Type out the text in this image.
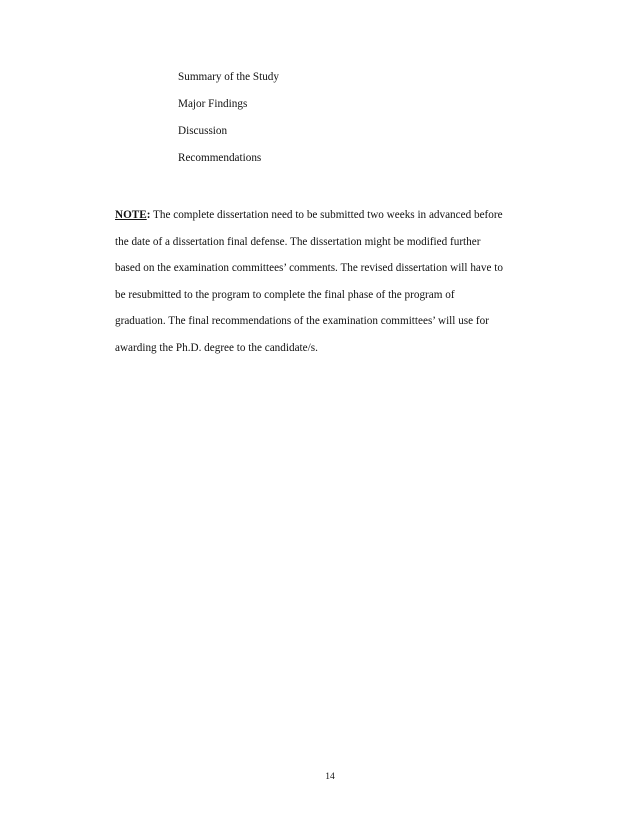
Summary of the Study
Major Findings
Discussion
Recommendations

NOTE: The complete dissertation need to be submitted two weeks in advanced before
the date of a dissertation final defense. The dissertation might be modified further
based on the examination committees’ comments. The revised dissertation will have to
be resubmitted to the program to complete the final phase of the program of
graduation. The final recommendations of the examination committees’ will use for
awarding the Ph.D. degree to the candidate/s.

14
